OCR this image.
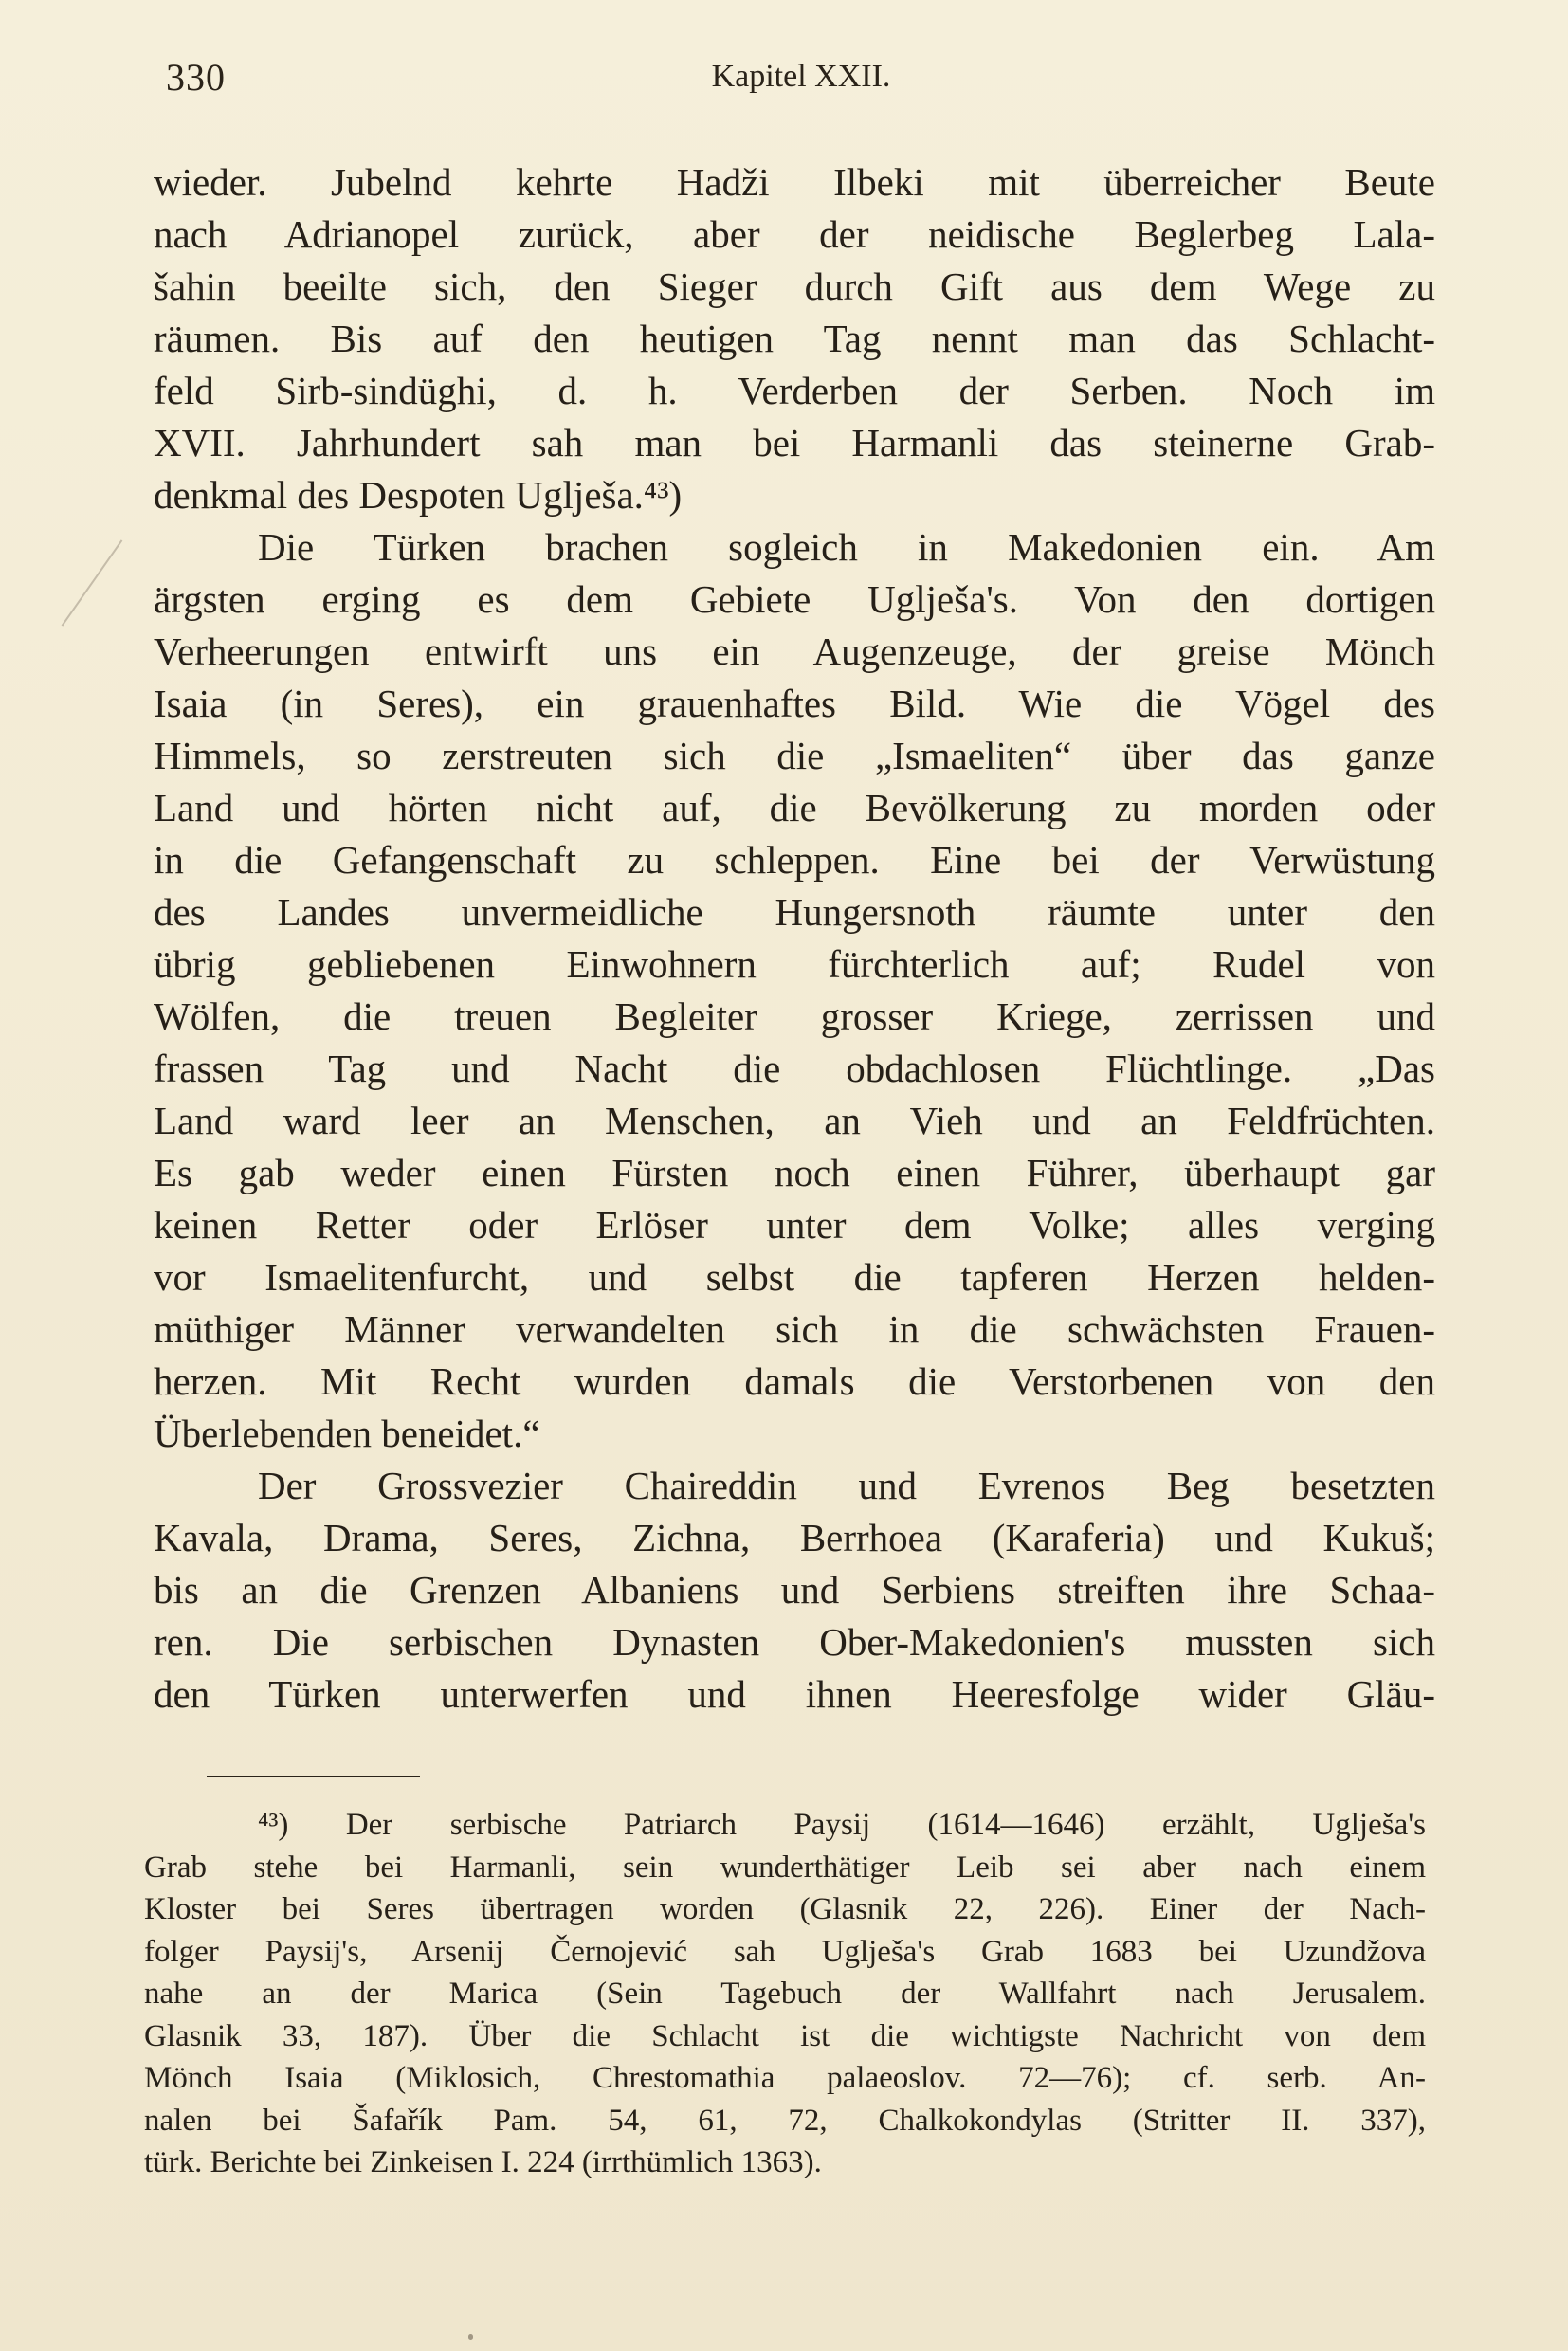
330	Kapitel XXII.
wieder. Jubelnd kehrte Hadži Ilbeki mit überreicher Beute
nach Adrianopel zurück, aber der neidische Beglerbeg Lala-
šahin beeilte sich, den Sieger durch Gift aus dem Wege zu
räumen. Bis auf den heutigen Tag nennt man das Schlacht-
feld Sirb-sindüghi, d. h. Verderben der Serben. Noch im
XVII. Jahrhundert sah man bei Harmanli das steinerne Grab-
denkmal des Despoten Uglješa.⁴³)
Die Türken brachen sogleich in Makedonien ein. Am
ärgsten erging es dem Gebiete Uglješa's. Von den dortigen
Verheerungen entwirft uns ein Augenzeuge, der greise Mönch
Isaia (in Seres), ein grauenhaftes Bild. Wie die Vögel des
Himmels, so zerstreuten sich die „Ismaeliten“ über das ganze
Land und hörten nicht auf, die Bevölkerung zu morden oder
in die Gefangenschaft zu schleppen. Eine bei der Verwüstung
des Landes unvermeidliche Hungersnoth räumte unter den
übrig gebliebenen Einwohnern fürchterlich auf; Rudel von
Wölfen, die treuen Begleiter grosser Kriege, zerrissen und
frassen Tag und Nacht die obdachlosen Flüchtlinge. „Das
Land ward leer an Menschen, an Vieh und an Feldfrüchten.
Es gab weder einen Fürsten noch einen Führer, überhaupt gar
keinen Retter oder Erlöser unter dem Volke; alles verging
vor Ismaelitenfurcht, und selbst die tapferen Herzen helden-
müthiger Männer verwandelten sich in die schwächsten Frauen-
herzen. Mit Recht wurden damals die Verstorbenen von den
Überlebenden beneidet.“
Der Grossvezier Chaireddin und Evrenos Beg besetzten
Kavala, Drama, Seres, Zichna, Berrhoea (Karaferia) und Kukuš;
bis an die Grenzen Albaniens und Serbiens streiften ihre Schaa-
ren. Die serbischen Dynasten Ober-Makedonien's mussten sich
den Türken unterwerfen und ihnen Heeresfolge wider Gläu-
⁴³) Der serbische Patriarch Paysij (1614—1646) erzählt, Uglješa's
Grab stehe bei Harmanli, sein wunderthätiger Leib sei aber nach einem
Kloster bei Seres übertragen worden (Glasnik 22, 226). Einer der Nach-
folger Paysij's, Arsenij Černojević sah Uglješa's Grab 1683 bei Uzundžova
nahe an der Marica (Sein Tagebuch der Wallfahrt nach Jerusalem.
Glasnik 33, 187). Über die Schlacht ist die wichtigste Nachricht von dem
Mönch Isaia (Miklosich, Chrestomathia palaeoslov. 72—76); cf. serb. An-
nalen bei Šafařík Pam. 54, 61, 72, Chalkokondylas (Stritter II. 337),
türk. Berichte bei Zinkeisen I. 224 (irrthümlich 1363).
